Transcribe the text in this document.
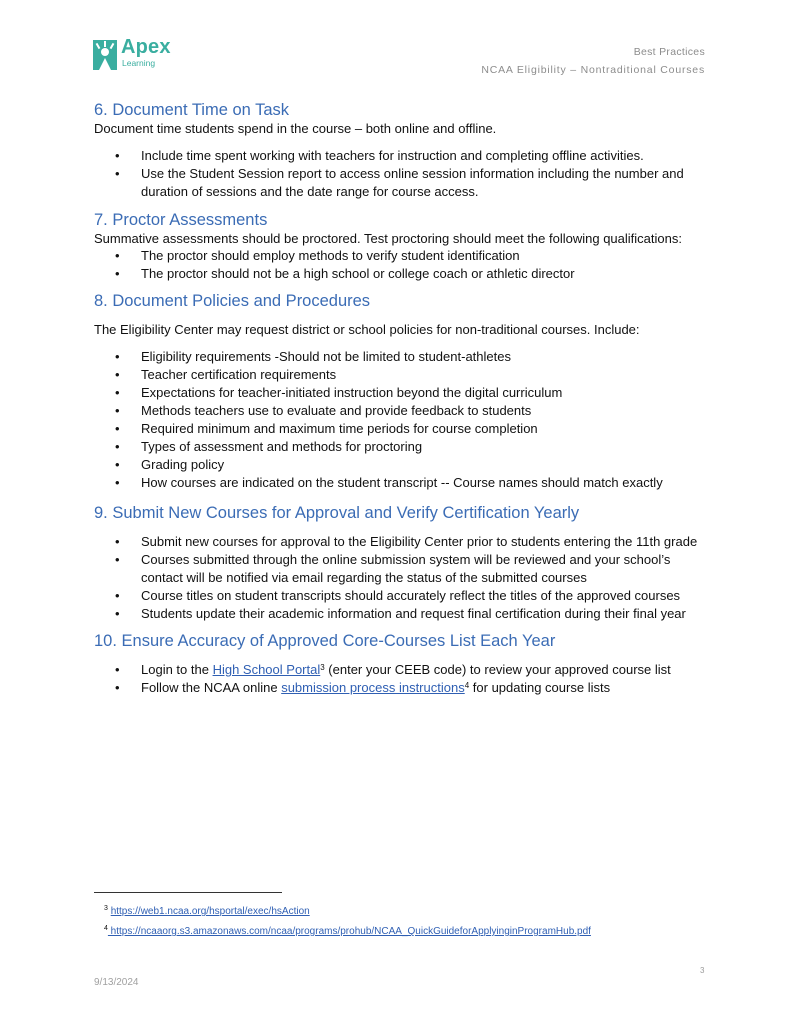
Apex
Learning
Best Practices
NCAA Eligibility – Nontraditional Courses
6. Document Time on Task

Document time students spend in the course – both online and offline.

• Include time spent working with teachers for instruction and completing offline activities.
• Use the Student Session report to access online session information including the number and duration of sessions and the date range for course access.
7. Proctor Assessments

Summative assessments should be proctored. Test proctoring should meet the following qualifications:

• The proctor should employ methods to verify student identification
• The proctor should not be a high school or college coach or athletic director
8. Document Policies and Procedures

The Eligibility Center may request district or school policies for non-traditional courses. Include:

• Eligibility requirements -Should not be limited to student-athletes
• Teacher certification requirements
• Expectations for teacher-initiated instruction beyond the digital curriculum
• Methods teachers use to evaluate and provide feedback to students
• Required minimum and maximum time periods for course completion
• Types of assessment and methods for proctoring
• Grading policy
• How courses are indicated on the student transcript -- Course names should match exactly
9. Submit New Courses for Approval and Verify Certification Yearly
• Submit new courses for approval to the Eligibility Center prior to students entering the 11th grade
• Courses submitted through the online submission system will be reviewed and your school’s contact will be notified via email regarding the status of the submitted courses
• Course titles on student transcripts should accurately reflect the titles of the approved courses
• Students update their academic information and request final certification during their final year
10. Ensure Accuracy of Approved Core-Courses List Each Year
• Login to the High School Portal$^3$ (enter your CEEB code) to review your approved course list
• Follow the NCAA online submission process instructions$^4$ for updating course lists
$^3$ https://web1.ncaa.org/hsportal/exec/hsAction
$^4$ https://ncaaorg.s3.amazonaws.com/ncaa/programs/prohub/NCAA_QuickGuideforApplyinginProgramHub.pdf
3
9/13/2024
